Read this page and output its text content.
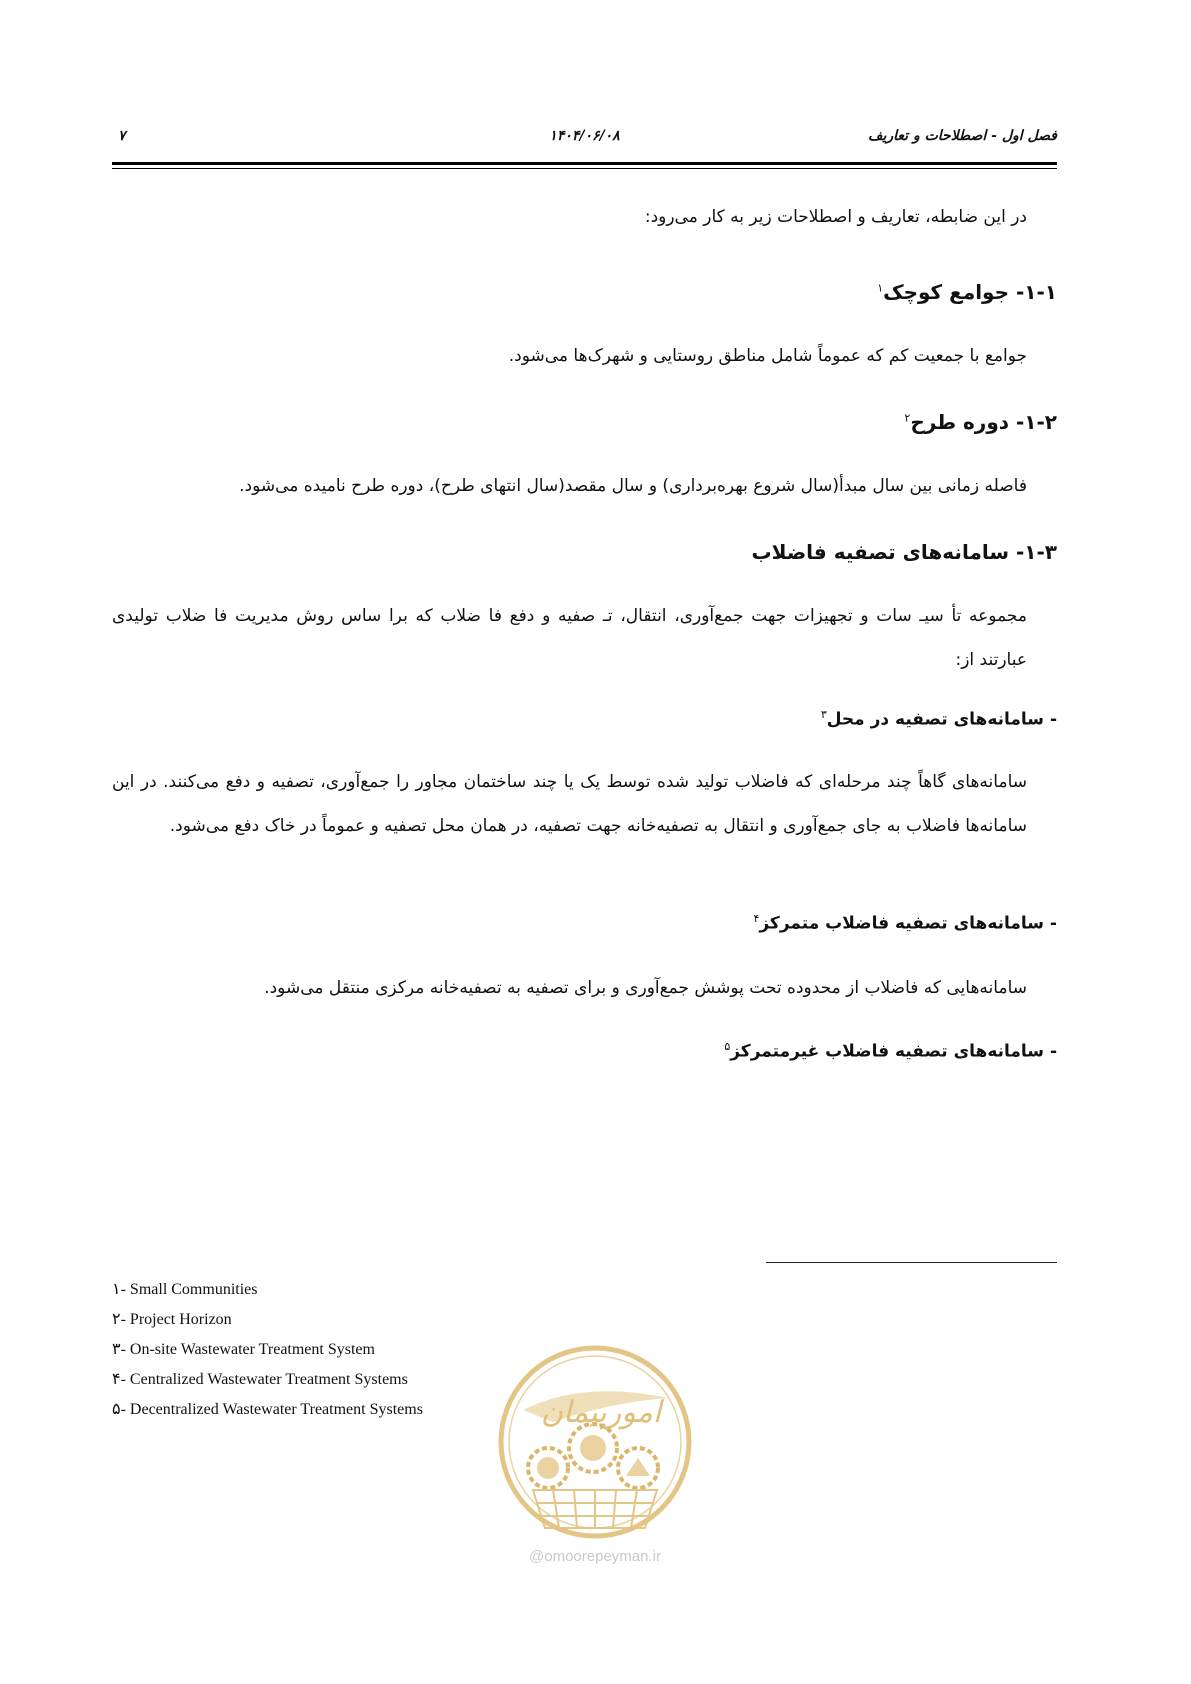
فصل اول - اصطلاحات و تعاریف
۱۴۰۴/۰۶/۰۸
۷
در این ضابطه، تعاریف و اصطلاحات زیر به کار می‌رود:
۱-۱- جوامع کوچک$^۱$
جوامع با جمعیت کم که عموماً شامل مناطق روستایی و شهرک‌ها می‌شود.
۱-۲- دوره طرح$^۲$
فاصله زمانی بین سال مبدأ(سال شروع بهره‌برداری) و سال مقصد(سال انتهای طرح)، دوره طرح نامیده می‌شود.
۱-۳- سامانه‌های تصفیه فاضلاب
مجموعه تأ سیـ سات و تجهیزات جهت جمع‌آوری، انتقال، تـ صفیه و دفع فا ضلاب که برا ساس روش مدیریت فا ضلاب تولیدی عبارتند از:
- سامانه‌های تصفیه در محل$^۳$
سامانه‌های گاهاً چند مرحله‌ای که فاضلاب تولید شده توسط یک یا چند ساختمان مجاور را جمع‌آوری، تصفیه و دفع می‌کنند. در این سامانه‌ها فاضلاب به جای جمع‌آوری و انتقال به تصفیه‌خانه جهت تصفیه، در همان محل تصفیه و عموماً در خاک دفع می‌شود.
- سامانه‌های تصفیه فاضلاب متمرکز$^۴$
سامانه‌هایی که فاضلاب از محدوده تحت پوشش جمع‌آوری و برای تصفیه به تصفیه‌خانه مرکزی منتقل می‌شود.
- سامانه‌های تصفیه فاضلاب غیرمتمرکز$^۵$
۱- Small Communities
۲- Project Horizon
۳- On-site Wastewater Treatment System
۴- Centralized Wastewater Treatment Systems
۵- Decentralized Wastewater Treatment Systems	امورپیمان
@omoorepeyman.ir
